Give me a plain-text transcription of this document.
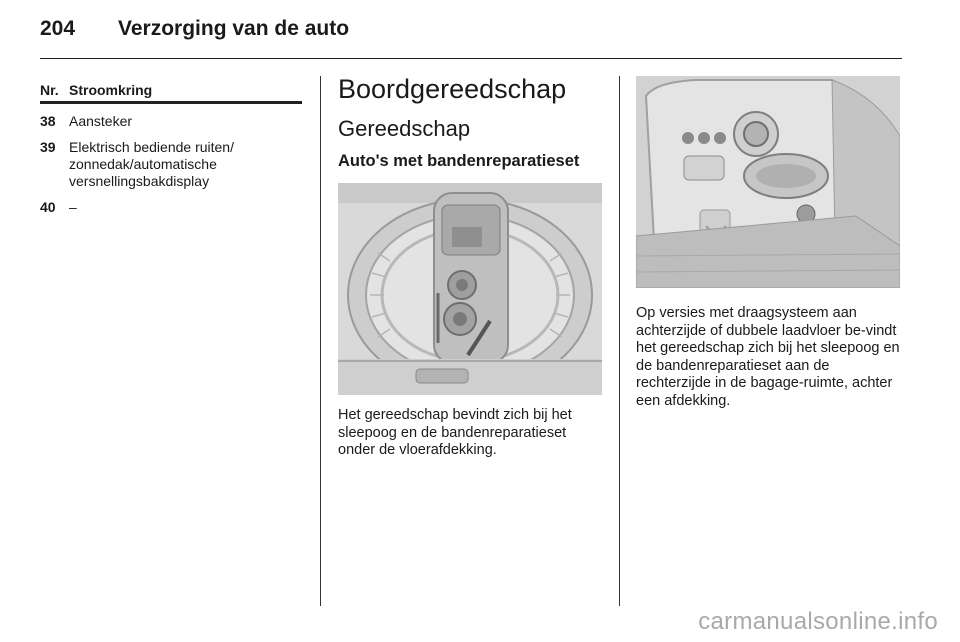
204 Verzorging van de auto
Nr. Stroomkring
38 Aansteker
39 Elektrisch bediende ruiten/ zonnedak/automatische versnellingsbakdisplay
40 –
Boordgereedschap
Gereedschap
Auto's met bandenreparatieset
Het gereedschap bevindt zich bij het sleepoog en de bandenreparatieset onder de vloerafdekking.
Op versies met draagsysteem aan achterzijde of dubbele laadvloer be-vindt het gereedschap zich bij het sleepoog en de bandenreparatieset aan de rechterzijde in de bagage-ruimte, achter een afdekking.
carmanualsonline.info
